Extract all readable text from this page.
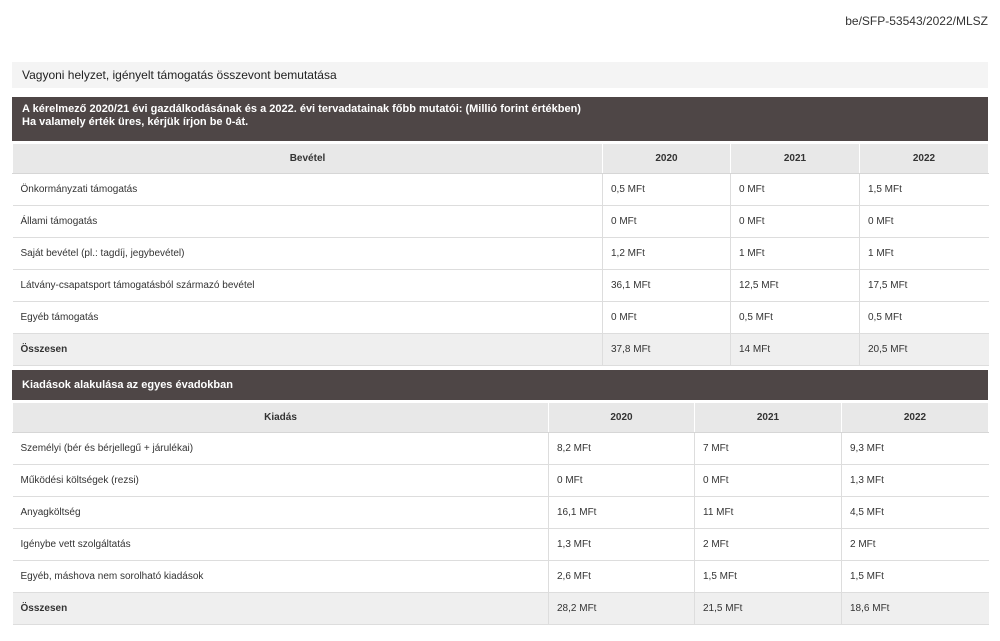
be/SFP-53543/2022/MLSZ
Vagyoni helyzet, igényelt támogatás összevont bemutatása
A kérelmező 2020/21 évi gazdálkodásának és a 2022. évi tervadatainak főbb mutatói: (Millió forint értékben)
Ha valamely érték üres, kérjük írjon be 0-át.
Bevétel	2020	2021	2022
Önkormányzati támogatás	0,5 MFt	0 MFt	1,5 MFt
Állami támogatás	0 MFt	0 MFt	0 MFt
Saját bevétel (pl.: tagdíj, jegybevétel)	1,2 MFt	1 MFt	1 MFt
Látvány-csapatsport támogatásból származó bevétel	36,1 MFt	12,5 MFt	17,5 MFt
Egyéb támogatás	0 MFt	0,5 MFt	0,5 MFt
Összesen	37,8 MFt	14 MFt	20,5 MFt
Kiadások alakulása az egyes évadokban
Kiadás	2020	2021	2022
Személyi (bér és bérjellegű + járulékai)	8,2 MFt	7 MFt	9,3 MFt
Működési költségek (rezsi)	0 MFt	0 MFt	1,3 MFt
Anyagköltség	16,1 MFt	11 MFt	4,5 MFt
Igénybe vett szolgáltatás	1,3 MFt	2 MFt	2 MFt
Egyéb, máshova nem sorolható kiadások	2,6 MFt	1,5 MFt	1,5 MFt
Összesen	28,2 MFt	21,5 MFt	18,6 MFt
